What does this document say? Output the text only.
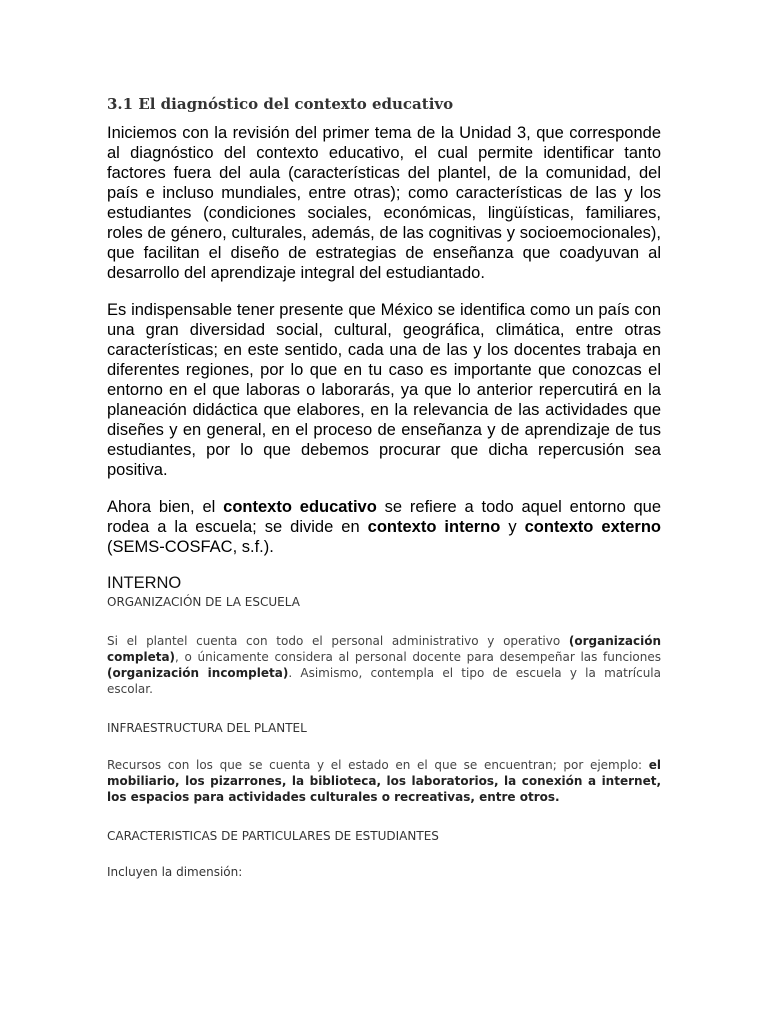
3.1 El diagnóstico del contexto educativo

Iniciemos con la revisión del primer tema de la Unidad 3, que corresponde al diagnóstico del contexto educativo, el cual permite identificar tanto factores fuera del aula (características del plantel, de la comunidad, del país e incluso mundiales, entre otras); como características de las y los estudiantes (condiciones sociales, económicas, lingüísticas, familiares, roles de género, culturales, además, de las cognitivas y socioemocionales), que facilitan el diseño de estrategias de enseñanza que coadyuvan al desarrollo del aprendizaje integral del estudiantado.

Es indispensable tener presente que México se identifica como un país con una gran diversidad social, cultural, geográfica, climática, entre otras características; en este sentido, cada una de las y los docentes trabaja en diferentes regiones, por lo que en tu caso es importante que conozcas el entorno en el que laboras o laborarás, ya que lo anterior repercutirá en la planeación didáctica que elabores, en la relevancia de las actividades que diseñes y en general, en el proceso de enseñanza y de aprendizaje de tus estudiantes, por lo que debemos procurar que dicha repercusión sea positiva.

Ahora bien, el contexto educativo se refiere a todo aquel entorno que rodea a la escuela; se divide en contexto interno y contexto externo (SEMS-COSFAC, s.f.).

INTERNO
ORGANIZACIÓN DE LA ESCUELA

Si el plantel cuenta con todo el personal administrativo y operativo (organización completa), o únicamente considera al personal docente para desempeñar las funciones (organización incompleta). Asimismo, contempla el tipo de escuela y la matrícula escolar.

INFRAESTRUCTURA DEL PLANTEL

Recursos con los que se cuenta y el estado en el que se encuentran; por ejemplo: el mobiliario, los pizarrones, la biblioteca, los laboratorios, la conexión a internet, los espacios para actividades culturales o recreativas, entre otros.

CARACTERISTICAS DE PARTICULARES DE ESTUDIANTES
Incluyen la dimensión:
